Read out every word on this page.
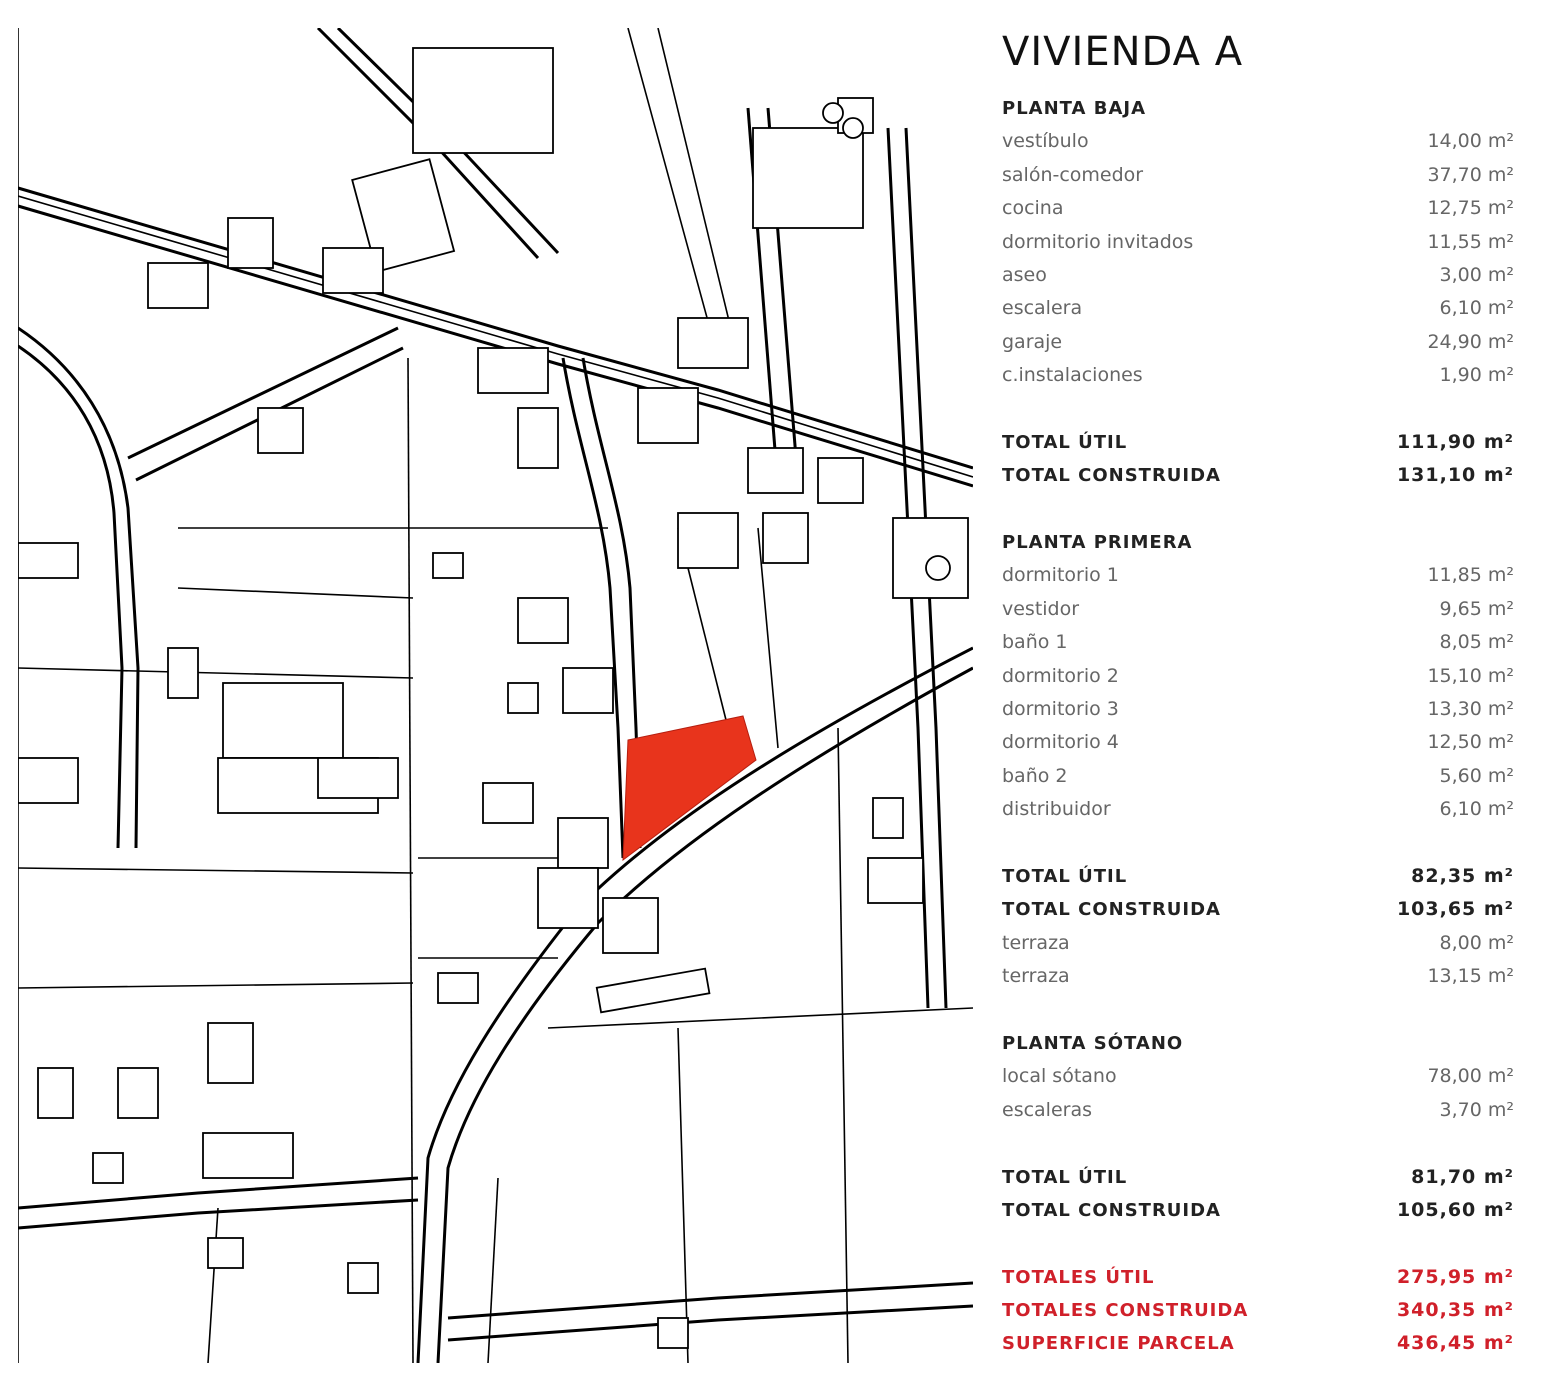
VIVIENDA A
PLANTA BAJA
vestíbulo	14,00 m²
salón-comedor	37,70 m²
cocina	12,75 m²
dormitorio invitados	11,55 m²
aseo	3,00 m²
escalera	6,10 m²
garaje	24,90 m²
c.instalaciones	1,90 m²
TOTAL ÚTIL	111,90 m²
TOTAL CONSTRUIDA	131,10 m²
PLANTA PRIMERA
dormitorio 1	11,85 m²
vestidor	9,65 m²
baño 1	8,05 m²
dormitorio 2	15,10 m²
dormitorio 3	13,30 m²
dormitorio 4	12,50 m²
baño 2	5,60 m²
distribuidor	6,10 m²
TOTAL ÚTIL	82,35 m²
TOTAL CONSTRUIDA	103,65 m²
terraza	8,00 m²
terraza	13,15 m²
PLANTA SÓTANO
local sótano	78,00 m²
escaleras	3,70 m²
TOTAL ÚTIL	81,70 m²
TOTAL CONSTRUIDA	105,60 m²
TOTALES ÚTIL	275,95 m²
TOTALES CONSTRUIDA	340,35 m²
SUPERFICIE PARCELA	436,45 m²
